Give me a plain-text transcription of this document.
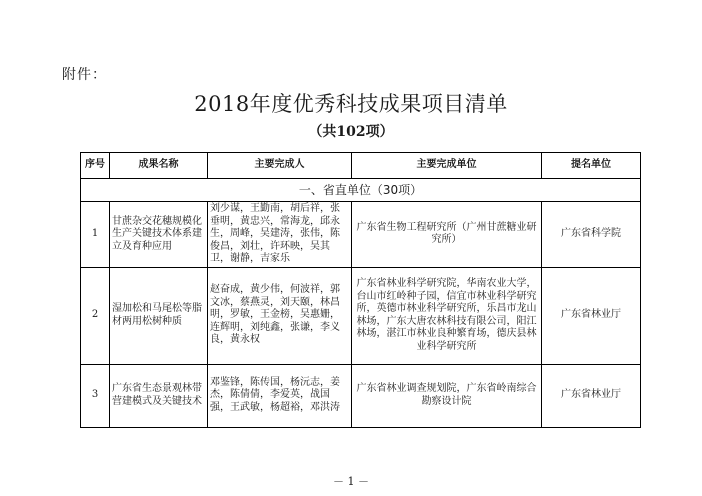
附件：
2018年度优秀科技成果项目清单
（共102项）
序号	成果名称	主要完成人	主要完成单位	提名单位
一、省直单位（30项）				
1	甘蔗杂交花穗规模化生产关键技术体系建立及育种应用	刘少谋，王勤南，胡后祥，张垂明，黄忠兴，常海龙，邱永生，周峰，吴建涛，张伟，陈俊昌，刘壮，许环映，吴其卫，谢静，吉家乐	广东省生物工程研究所（广州甘蔗糖业研究所）	广东省科学院
2	湿加松和马尾松等脂材两用松树种质	赵奋成，黄少伟，何波祥，郭文冰，蔡燕灵，刘天颐，林昌明，罗敏，王金榜，吴惠姗，连辉明，刘纯鑫，张谦，李义良，黄永权	广东省林业科学研究院，华南农业大学，台山市红岭种子园，信宜市林业科学研究所，英德市林业科学研究所，乐昌市龙山林场，广东大唐农林科技有限公司，阳江林场，湛江市林业良种繁育场，德庆县林业科学研究所	广东省林业厅
3	广东省生态景观林带营建模式及关键技术	邓鉴锋，陈传国，杨沅志，姜　杰，陈倩倩，李爱英，战国强，王武敏，杨超裕，邓洪涛	广东省林业调查规划院，广东省岭南综合勘察设计院	广东省林业厅
－ 1 －
